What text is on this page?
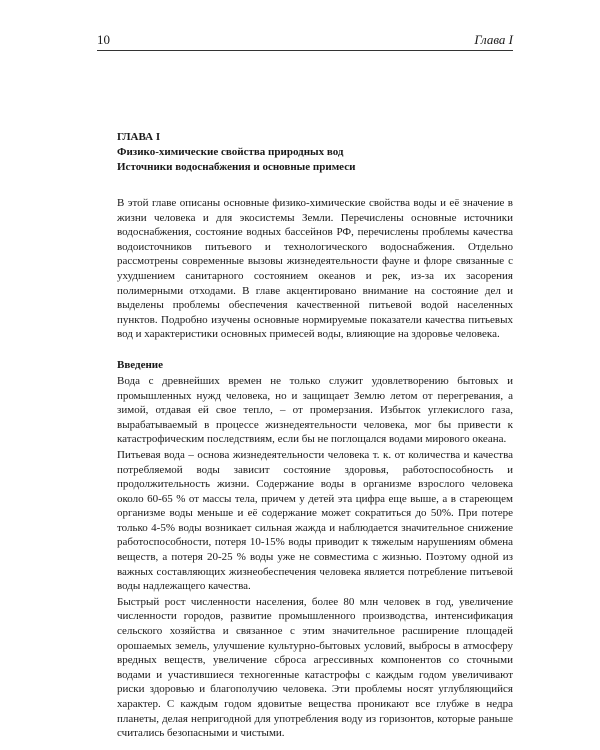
10	Глава I
ГЛАВА I
Физико-химические свойства природных вод
Источники водоснабжения и основные примеси

В этой главе описаны основные физико-химические свойства воды и её значение в жизни человека и для экосистемы Земли. Перечислены основные источники водоснабжения, состояние водных бассейнов РФ, перечислены проблемы качества водоисточников питьевого и технологического водоснабжения. Отдельно рассмотрены современные вызовы жизнедеятельности фауне и флоре связанные с ухудшением санитарного состоянием океанов и рек, из-за их засорения полимерными отходами. В главе акцентировано внимание на состояние дел и выделены проблемы обеспечения качественной питьевой водой населенных пунктов. Подробно изучены основные нормируемые показатели качества питьевых вод и характеристики основных примесей воды, влияющие на здоровье человека.

Введение

Вода с древнейших времен не только служит удовлетворению бытовых и промышленных нужд человека, но и защищает Землю летом от перегревания, а зимой, отдавая ей свое тепло, – от промерзания. Избыток углекислого газа, вырабатываемый в процессе жизнедеятельности человека, мог бы привести к катастрофическим последствиям, если бы не поглощался водами мирового океана.

Питьевая вода – основа жизнедеятельности человека т. к. от количества и качества потребляемой воды зависит состояние здоровья, работоспособность и продолжительность жизни. Содержание воды в организме взрослого человека около 60-65 % от массы тела, причем у детей эта цифра еще выше, а в стареющем организме воды меньше и её содержание может сократиться до 50%. При потере только 4-5% воды возникает сильная жажда и наблюдается значительное снижение работоспособности, потеря 10-15% воды приводит к тяжелым нарушениям обмена веществ, а потеря 20-25 % воды уже не совместима с жизнью. Поэтому одной из важных составляющих жизнеобеспечения человека является потребление питьевой воды надлежащего качества.

Быстрый рост численности населения, более 80 млн человек в год, увеличение численности городов, развитие промышленного производства, интенсификация сельского хозяйства и связанное с этим значительное расширение площадей орошаемых земель, улучшение культурно-бытовых условий, выбросы в атмосферу вредных веществ, увеличение сброса агрессивных компонентов со сточными водами и участившиеся техногенные катастрофы с каждым годом увеличивают риски здоровью и благополучию человека. Эти проблемы носят углубляющийся характер. С каждым годом ядовитые вещества проникают все глубже в недра планеты, делая непригодной для употребления воду из горизонтов, которые раньше считались безопасными и чистыми.
